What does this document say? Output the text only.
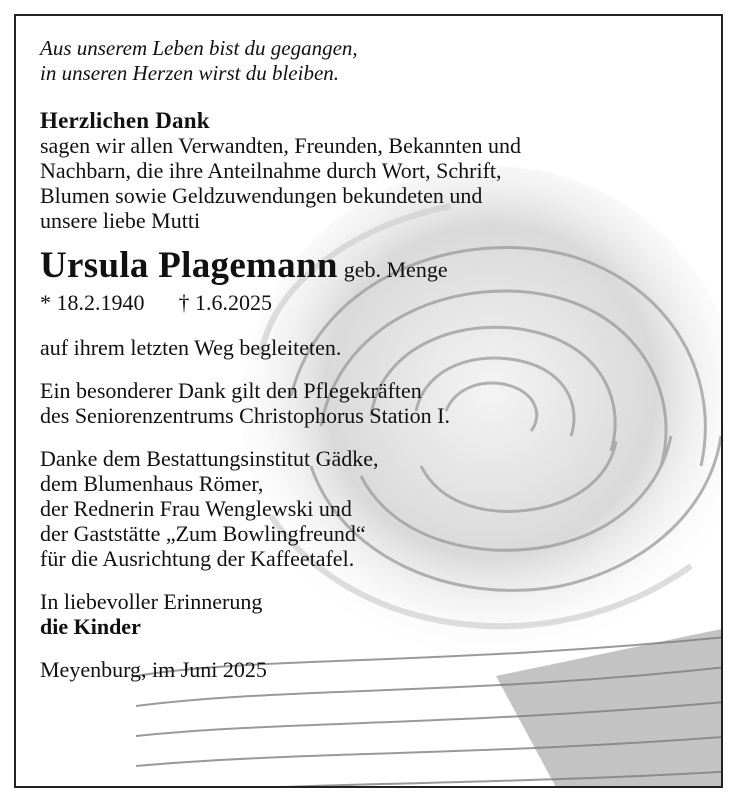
Aus unserem Leben bist du gegangen,
in unseren Herzen wirst du bleiben.
Herzlichen Dank
sagen wir allen Verwandten, Freunden, Bekannten und
Nachbarn, die ihre Anteilnahme durch Wort, Schrift,
Blumen sowie Geldzuwendungen bekundeten und
unsere liebe Mutti
Ursula Plagemann geb. Menge
* 18.2.1940 † 1.6.2025
auf ihrem letzten Weg begleiteten.
Ein besonderer Dank gilt den Pflegekräften
des Seniorenzentrums Christophorus Station I.
Danke dem Bestattungsinstitut Gädke,
dem Blumenhaus Römer,
der Rednerin Frau Wenglewski und
der Gaststätte „Zum Bowlingfreund“
für die Ausrichtung der Kaffeetafel.
In liebevoller Erinnerung
die Kinder
Meyenburg, im Juni 2025
